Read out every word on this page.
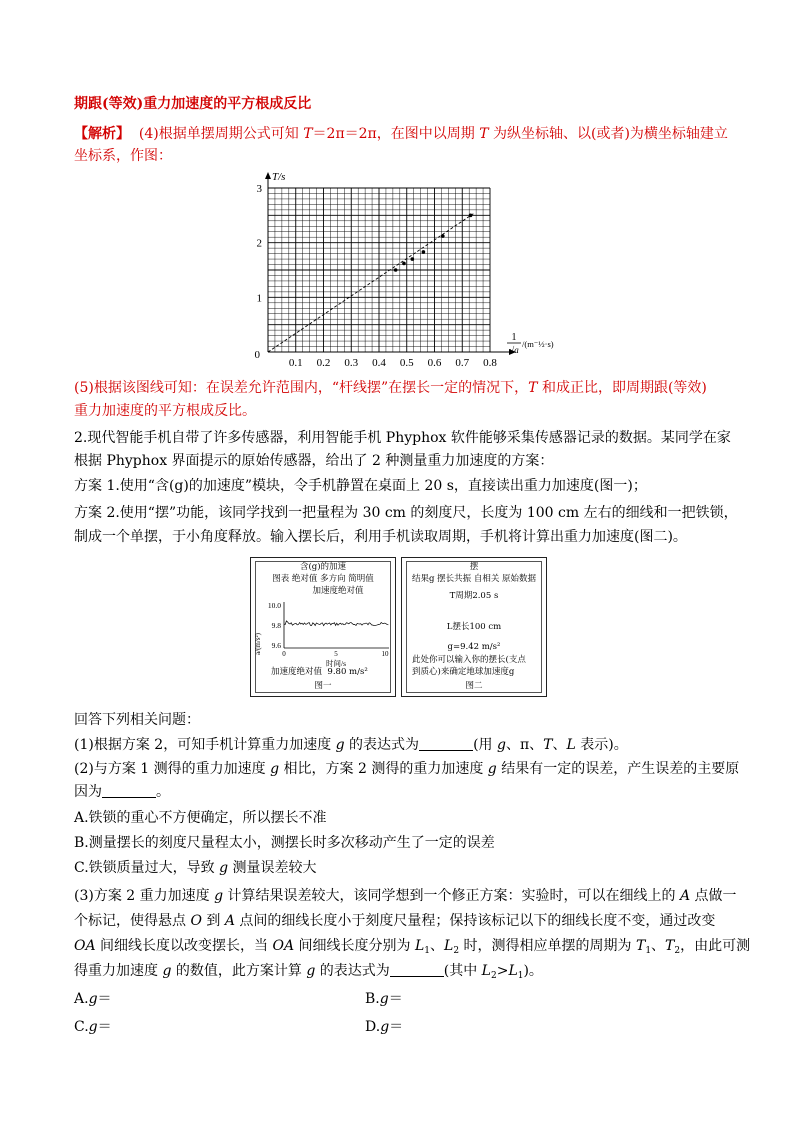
期跟(等效)重力加速度的平方根成反比
【解析】 (4)根据单摆周期公式可知 T＝2π＝2π，在图中以周期 T 为纵坐标轴、以(或者)为横坐标轴建立
坐标系，作图：
0.1 0.2 0.3 0.4 0.5 0.6 0.7 0.8
1
2
3
0
T/s
1
√a
/(m⁻½·s)
(5)根据该图线可知：在误差允许范围内，“杆线摆”在摆长一定的情况下，T 和成正比，即周期跟(等效)
重力加速度的平方根成反比。
2.现代智能手机自带了许多传感器，利用智能手机 Phyphox 软件能够采集传感器记录的数据。某同学在家
根据 Phyphox 界面提示的原始传感器，给出了 2 种测量重力加速度的方案：
方案 1.使用“含(g)的加速度”模块，令手机静置在桌面上 20 s，直接读出重力加速度(图一)；
方案 2.使用“摆”功能，该同学找到一把量程为 30 cm 的刻度尺，长度为 100 cm 左右的细线和一把铁锁，
制成一个单摆，于小角度释放。输入摆长后，利用手机读取周期，手机将计算出重力加速度(图二)。
含(g)的加速
图表 绝对值 多方向 简明值
加速度绝对值
a/(m/s²)
10.0
9.8
9.6
0	5	10
时间/s
加速度绝对值 9.80 m/s²
图一
摆
结果g 摆长共振 自相关 原始数据
T周期2.05 s
L摆长100 cm
g=9.42 m/s²
此处你可以输入你的摆长(支点
到质心)来确定地球加速度g
图二
回答下列相关问题：
(1)根据方案 2，可知手机计算重力加速度 g 的表达式为	(用 g、π、T、L 表示)。
(2)与方案 1 测得的重力加速度 g 相比，方案 2 测得的重力加速度 g 结果有一定的误差，产生误差的主要原
因为	。
A.铁锁的重心不方便确定，所以摆长不准
B.测量摆长的刻度尺量程太小，测摆长时多次移动产生了一定的误差
C.铁锁质量过大，导致 g 测量误差较大
(3)方案 2 重力加速度 g 计算结果误差较大，该同学想到一个修正方案：实验时，可以在细线上的 A 点做一
个标记，使得悬点 O 到 A 点间的细线长度小于刻度尺量程；保持该标记以下的细线长度不变，通过改变
OA 间细线长度以改变摆长，当 OA 间细线长度分别为 $L_1$、$L_2$ 时，测得相应单摆的周期为 $T_1$、$T_2$，由此可测
得重力加速度 g 的数值，此方案计算 g 的表达式为	(其中 $L_2>L_1$)。
A.g＝	B.g＝
C.g＝	D.g＝
